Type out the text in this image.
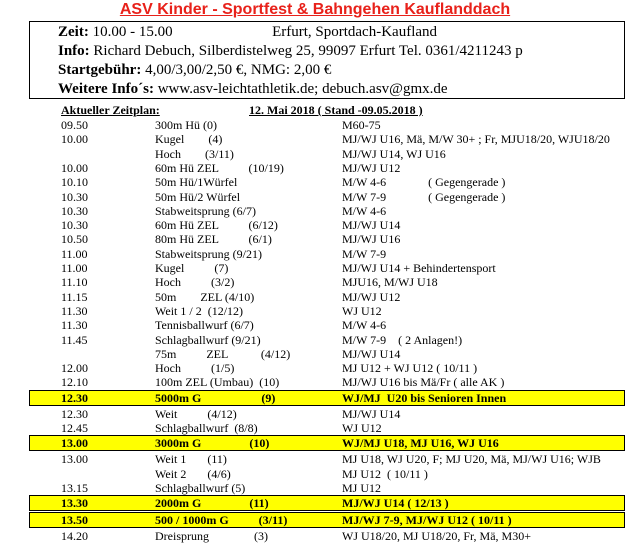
ASV Kinder - Sportfest & Bahngehen Kauflanddach
Zeit: 10.00 - 15.00	Erfurt, Sportdach-Kaufland
Info: Richard Debuch, Silberdistelweg 25, 99097 Erfurt Tel. 0361/4211243 p
Startgebühr: 4,00/3,00/2,50 €, NMG: 2,00 €
Weitere Info´s: www.asv-leichtathletik.de; debuch.asv@gmx.de
Aktueller Zeitplan:	12. Mai 2018 ( Stand -09.05.2018 )
09.50	300m Hü (0)	M60-75
10.00	Kugel        (4)	MJ/WJ U16, Mä, M/W 30+ ; Fr, MJU18/20, WJU18/20
Hoch        (3/11)	MJ/WJ U14, WJ U16
10.00	60m Hü ZEL          (10/19)	MJ/WJ U12
10.10	50m Hü/1Würfel	M/W 4-6              ( Gegengerade )
10.30	50m Hü/2 Würfel	M/W 7-9              ( Gegengerade )
10.30	Stabweitsprung (6/7)	M/W 4-6
10.30	60m Hü ZEL          (6/12)	MJ/WJ U14
10.50	80m Hü ZEL          (6/1)	MJ/WJ U16
11.00	Stabweitsprung (9/21)	M/W 7-9
11.00	Kugel          (7)	MJ/WJ U14 + Behindertensport
11.10	Hoch          (3/2)	MJU16, M/WJ U18
11.15	50m        ZEL (4/10)	MJ/WJ U12
11.30	Weit 1 / 2  (12/12)	WJ U12
11.30	Tennisballwurf (6/7)	M/W 4-6
11.45	Schlagballwurf (9/21)	M/W 7-9    ( 2 Anlagen!)
75m          ZEL           (4/12)	MJ/WJ U14
12.00	Hoch          (1/5)	MJ U12 + WJ U12 ( 10/11 )
12.10	100m ZEL (Umbau)  (10)	MJ/WJ U16 bis Mä/Fr ( alle AK )
12.30	5000m G                    (9)	WJ/MJ  U20 bis Senioren Innen
12.30	Weit          (4/12)	MJ/WJ U14
12.45	Schlagballwurf  (8/8)	WJ U12
13.00	3000m G                (10)	WJ/MJ U18, MJ U16, WJ U16
13.00	Weit 1       (11)	MJ U18, WJ U20, F; MJ U20, Mä, MJ/WJ U16; WJB
Weit 2       (4/6)	MJ U12  ( 10/11 )
13.15	Schlagballwurf (5)	MJ U12
13.30	2000m G                (11)	MJ/WJ U14 ( 12/13 )
13.50	500 / 1000m G          (3/11)	MJ/WJ 7-9, MJ/WJ U12 ( 10/11 )
14.20	Dreisprung               (3)	WJ U18/20, MJ U18/20, Fr, Mä, M30+
